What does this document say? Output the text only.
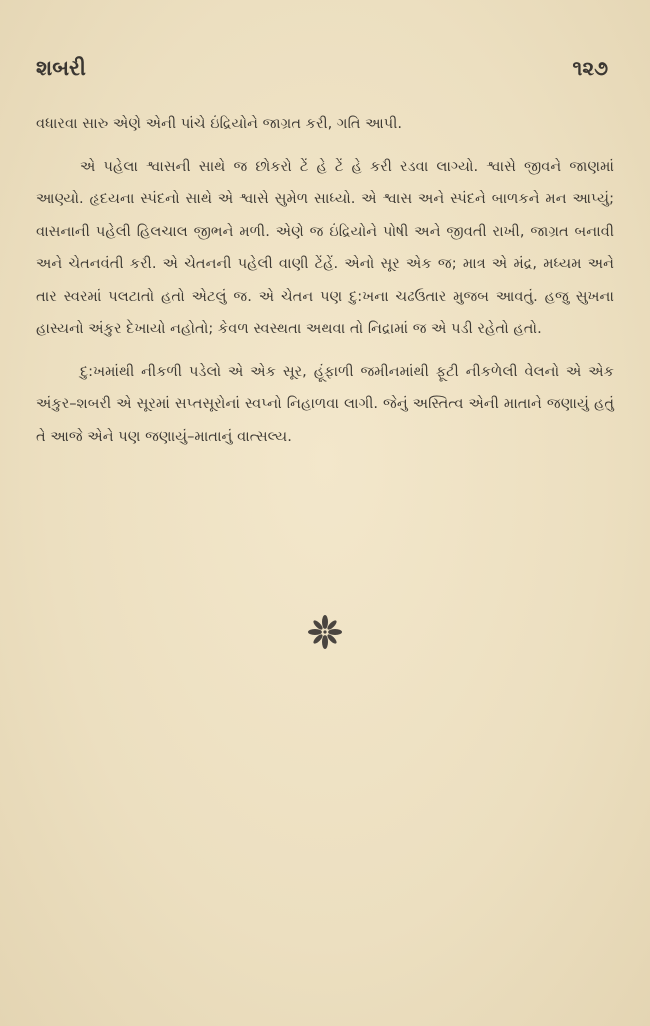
શબરી	૧૨૭

વધારવા સારુ એણે એની પાંચે ઇંદ્રિયોને જાગ્રત કરી, ગતિ આપી.

એ પહેલા શ્વાસની સાથે જ છોકરો ટેં હે ટેં હે કરી રડવા લાગ્યો. શ્વાસે જીવને જાણમાં આણ્યો. હૃદયના સ્પંદનો સાથે એ શ્વાસે સુમેળ સાધ્યો. એ શ્વાસ અને સ્પંદને બાળકને મન આપ્યું; વાસનાની પહેલી હિલચાલ જીભને મળી. એણે જ ઇંદ્રિયોને પોષી અને જીવતી રાખી, જાગ્રત બનાવી અને ચેતનવંતી કરી. એ ચેતનની પહેલી વાણી ટેંહેં. એનો સૂર એક જ; માત્ર એ મંદ્ર, મધ્યમ અને તાર સ્વરમાં પલટાતો હતો એટલું જ. એ ચેતન પણ દુ:ખના ચઢઉતાર મુજબ આવતું. હજુ સુખના હાસ્યનો અંકુર દેખાયો નહોતો; કેવળ સ્વસ્થતા અથવા તો નિદ્રામાં જ એ પડી રહેતો હતો.

દુ:ખમાંથી નીકળી પડેલો એ એક સૂર, હૂંફાળી જમીનમાંથી ફૂટી નીકળેલી વેલનો એ એક અંકુર–શબરી એ સૂરમાં સપ્તસૂરોનાં સ્વપ્નો નિહાળવા લાગી. જેનું અસ્તિત્વ એની માતાને જણાયું હતું તે આજે એને પણ જણાયું–માતાનું વાત્સલ્ય.
